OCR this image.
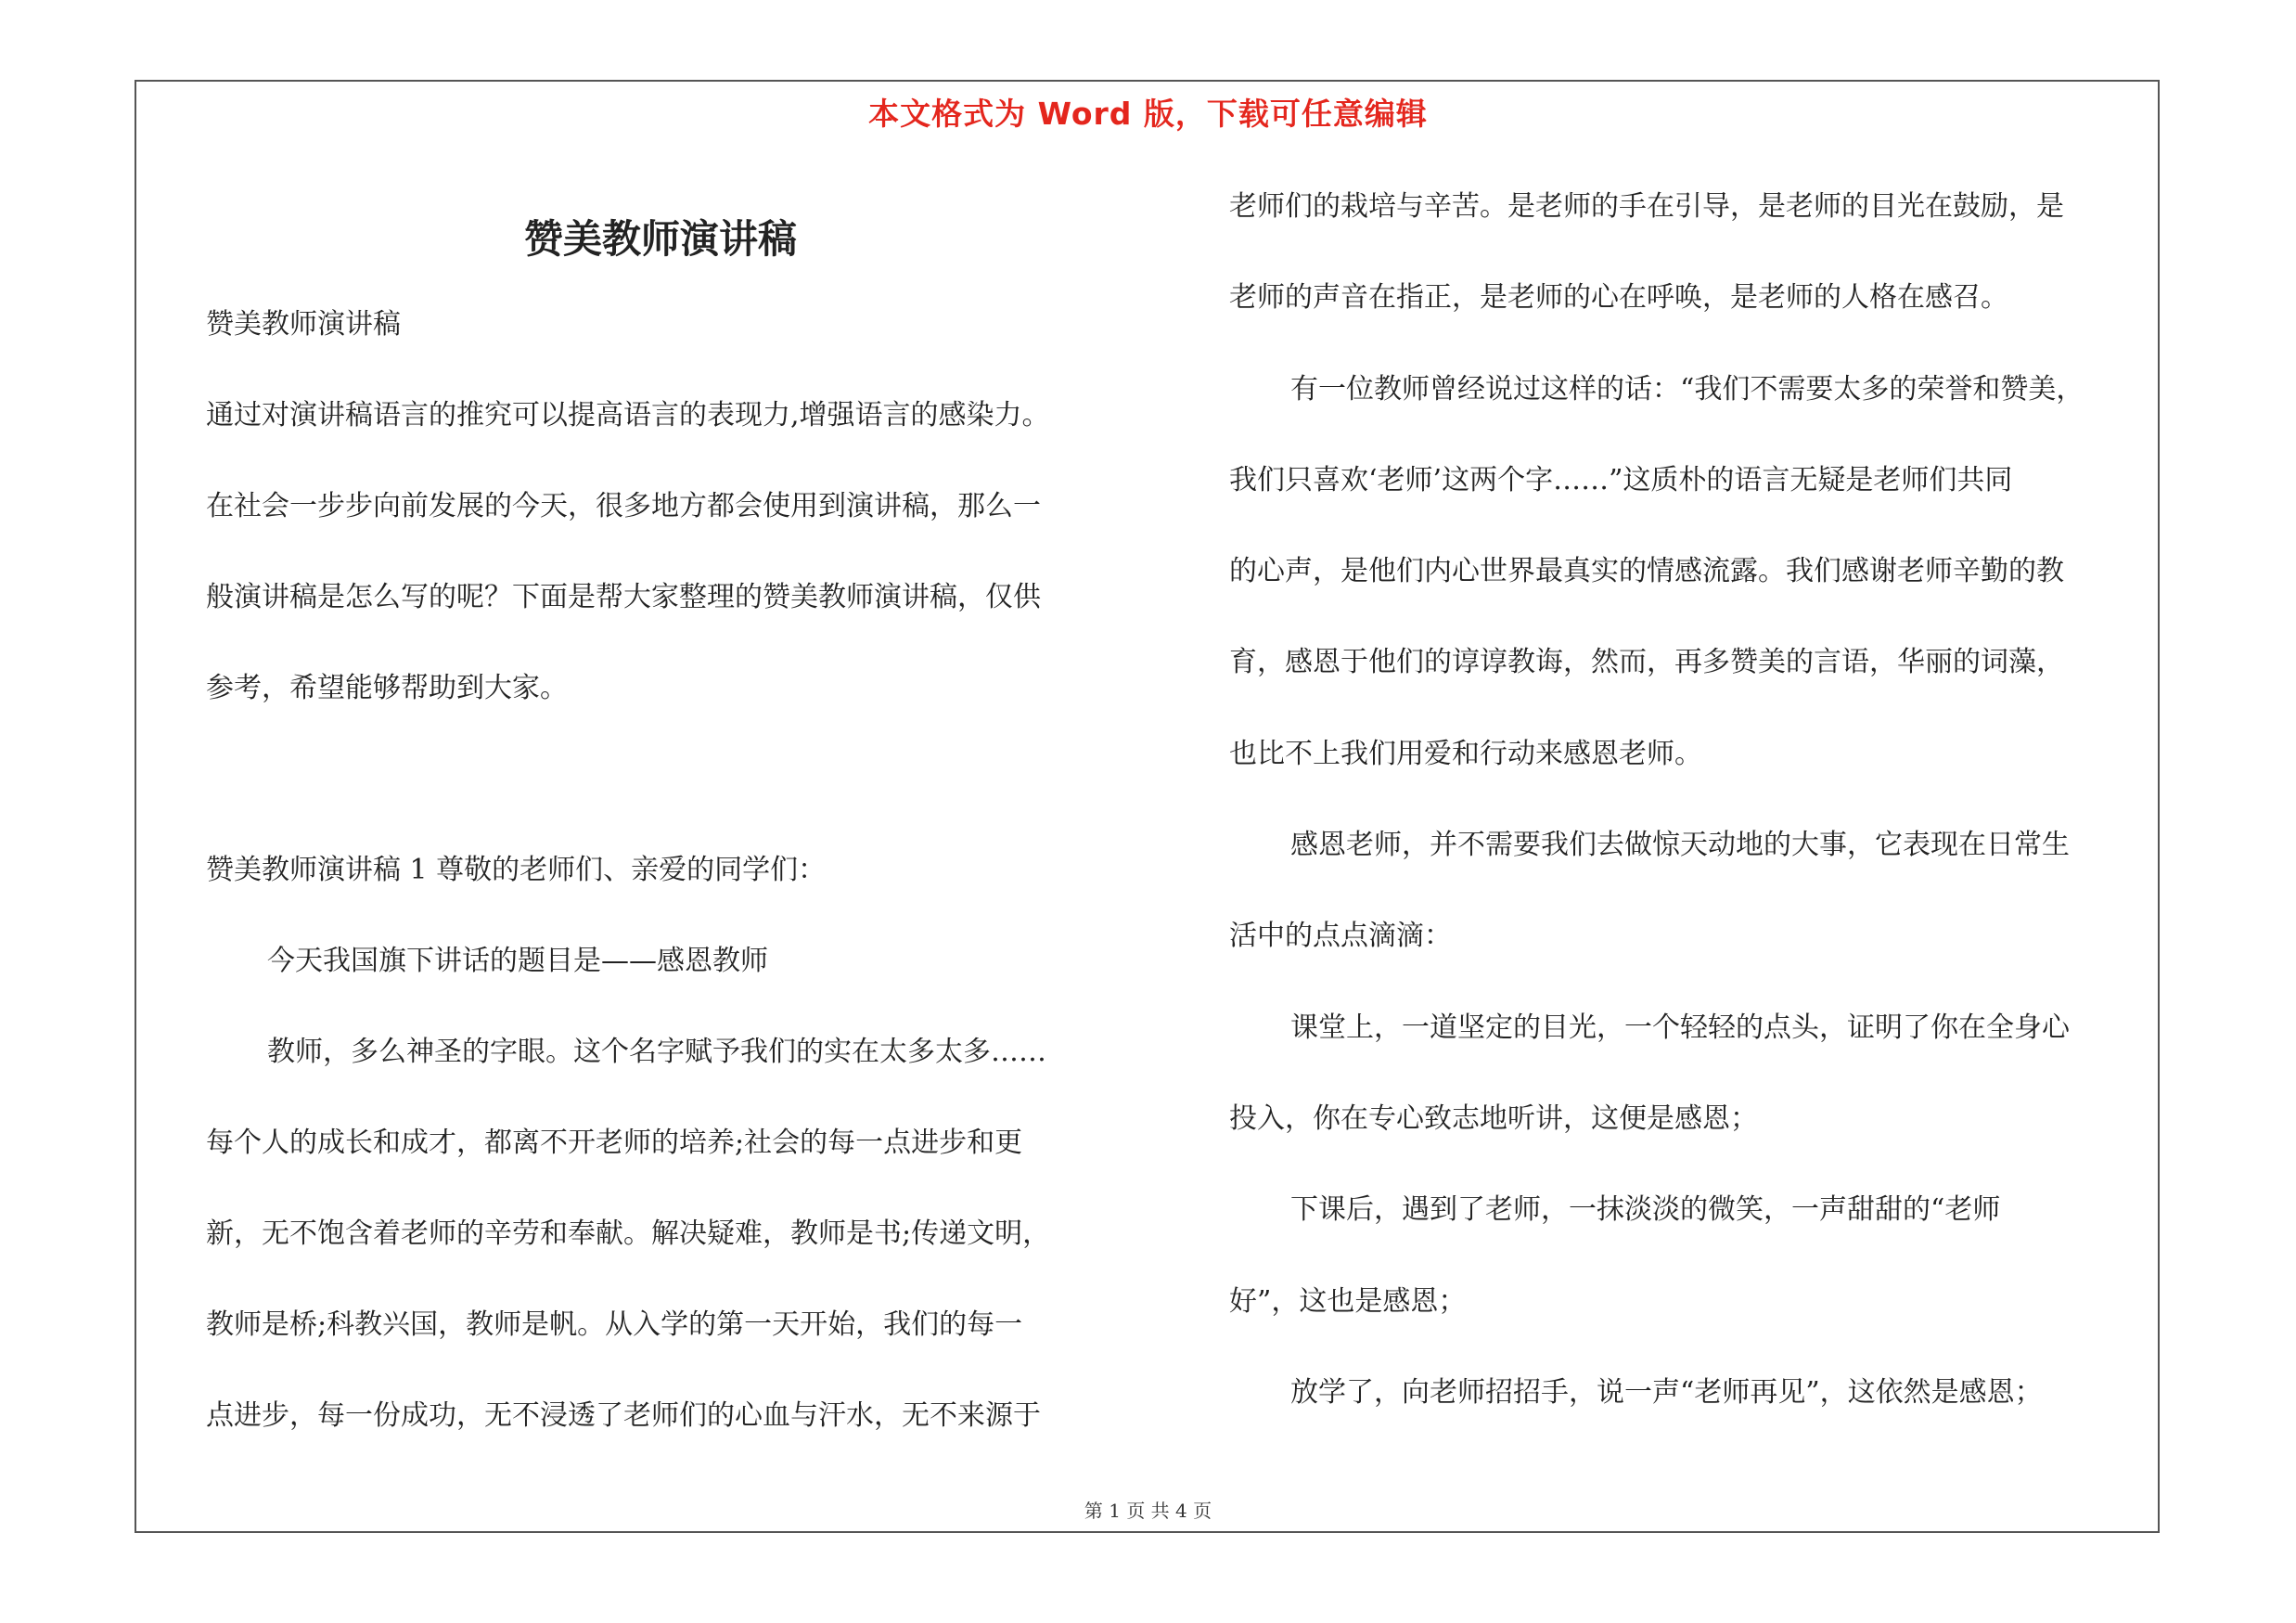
本文格式为 Word 版，下载可任意编辑
赞美教师演讲稿
赞美教师演讲稿
通过对演讲稿语言的推究可以提高语言的表现力,增强语言的感染力。
在社会一步步向前发展的今天，很多地方都会使用到演讲稿，那么一
般演讲稿是怎么写的呢？下面是帮大家整理的赞美教师演讲稿，仅供
参考，希望能够帮助到大家。
赞美教师演讲稿 1 尊敬的老师们、亲爱的同学们：
今天我国旗下讲话的题目是——感恩教师
教师，多么神圣的字眼。这个名字赋予我们的实在太多太多……
每个人的成长和成才，都离不开老师的培养;社会的每一点进步和更
新，无不饱含着老师的辛劳和奉献。解决疑难，教师是书;传递文明，
教师是桥;科教兴国，教师是帆。从入学的第一天开始，我们的每一
点进步，每一份成功，无不浸透了老师们的心血与汗水，无不来源于
老师们的栽培与辛苦。是老师的手在引导，是老师的目光在鼓励，是
老师的声音在指正，是老师的心在呼唤，是老师的人格在感召。
有一位教师曾经说过这样的话：“我们不需要太多的荣誉和赞美，
我们只喜欢‘老师’这两个字……”这质朴的语言无疑是老师们共同
的心声，是他们内心世界最真实的情感流露。我们感谢老师辛勤的教
育，感恩于他们的谆谆教诲，然而，再多赞美的言语，华丽的词藻，
也比不上我们用爱和行动来感恩老师。
感恩老师，并不需要我们去做惊天动地的大事，它表现在日常生
活中的点点滴滴：
课堂上，一道坚定的目光，一个轻轻的点头，证明了你在全身心
投入，你在专心致志地听讲，这便是感恩；
下课后，遇到了老师，一抹淡淡的微笑，一声甜甜的“老师
好”，这也是感恩；
放学了，向老师招招手，说一声“老师再见”，这依然是感恩；
第 1 页 共 4 页
